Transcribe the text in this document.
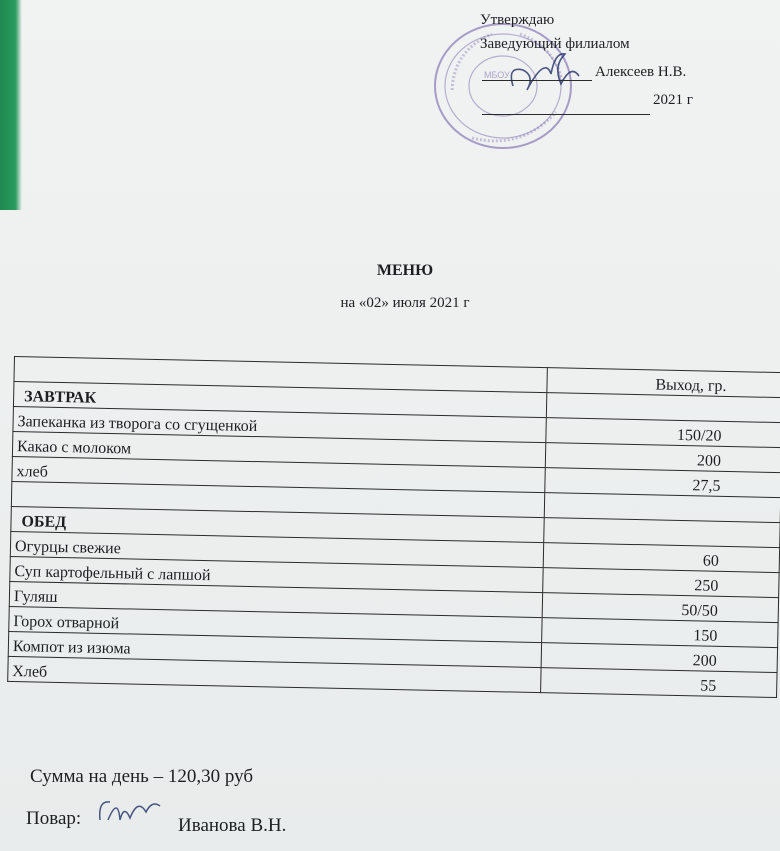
МБОУ
Утверждаю
Заведующий филиалом
Алексеев Н.В.
2021 г
МЕНЮ
на «02» июля 2021 г
	Выход, гр.
ЗАВТРАК	
Запеканка из творога со сгущенкой	150/20
Какао с молоком	200
хлеб	27,5

ОБЕД	
Огурцы свежие	60
Суп картофельный с лапшой	250
Гуляш	50/50
Горох отварной	150
Компот из изюма	200
Хлеб	55
Сумма на день – 120,30 руб
Повар:	Иванова В.Н.
